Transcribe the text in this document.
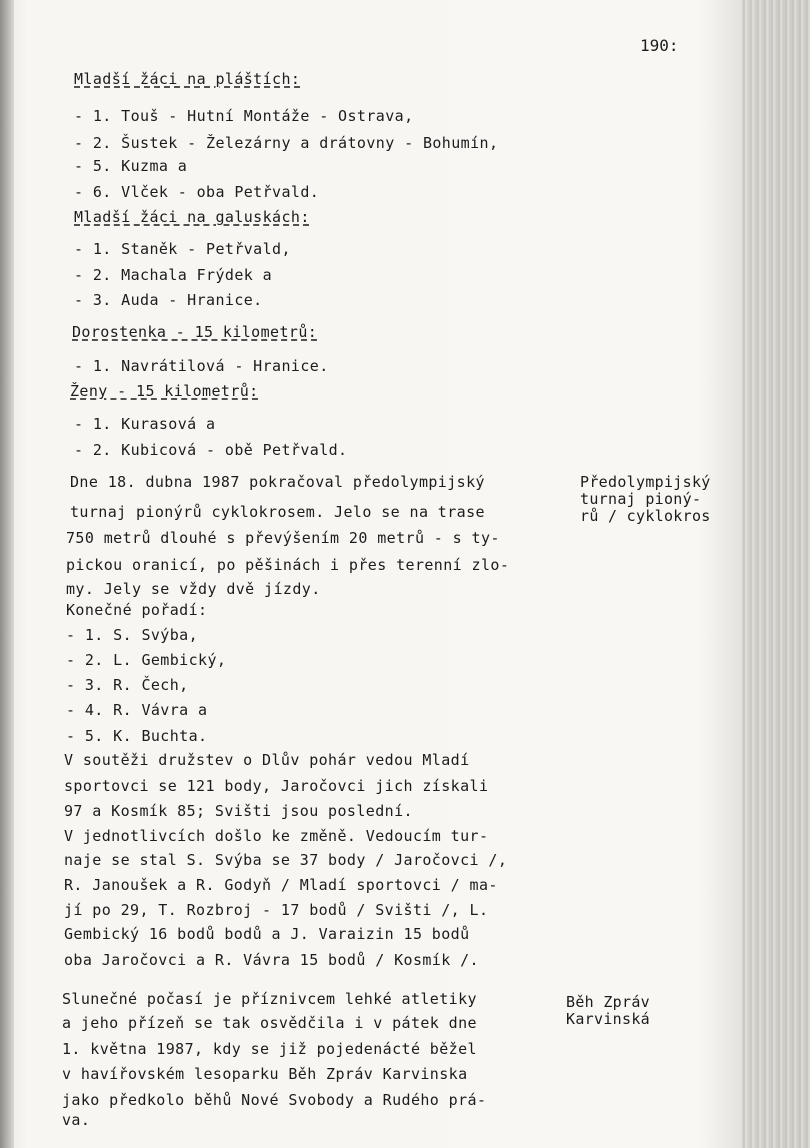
190:
Mladší žáci na pláštích:
- 1. Touš - Hutní Montáže - Ostrava,
- 2. Šustek - Železárny a drátovny - Bohumín,
- 5. Kuzma a
- 6. Vlček - oba Petřvald.
Mladší žáci na galuskách:
- 1. Staněk - Petřvald,
- 2. Machala Frýdek a
- 3. Auda - Hranice.
Dorostenka - 15 kilometrů:
- 1. Navrátilová - Hranice.
Ženy - 15 kilometrů:
- 1. Kurasová a
- 2. Kubicová - obě Petřvald.
Dne 18. dubna 1987 pokračoval předolympijský
turnaj pionýrů cyklokrosem. Jelo se na trase
750 metrů dlouhé s převýšením 20 metrů - s ty-
pickou oranicí, po pěšinách i přes terenní zlo-
my. Jely se vždy dvě jízdy.
Konečné pořadí:
- 1. S. Svýba,
- 2. L. Gembický,
- 3. R. Čech,
- 4. R. Vávra a
- 5. K. Buchta.
V soutěži družstev o Dlův pohár vedou Mladí
sportovci se 121 body, Jaročovci jich získali
97 a Kosmík 85; Svišti jsou poslední.
V jednotlivcích došlo ke změně. Vedoucím tur-
naje se stal S. Svýba se 37 body / Jaročovci /,
R. Janoušek a R. Godyň / Mladí sportovci / ma-
jí po 29, T. Rozbroj - 17 bodů / Svišti /, L.
Gembický 16 bodů bodů a J. Varaizin 15 bodů
oba Jaročovci a R. Vávra 15 bodů / Kosmík /.
Slunečné počasí je příznivcem lehké atletiky
a jeho přízeň se tak osvědčila i v pátek dne
1. května 1987, kdy se již pojedenácté běžel
v havířovském lesoparku Běh Zpráv Karvinska
jako předkolo běhů Nové Svobody a Rudého prá-
va.
Předolympijský
turnaj pioný-
rů / cyklokros
Běh Zpráv
Karvinská
